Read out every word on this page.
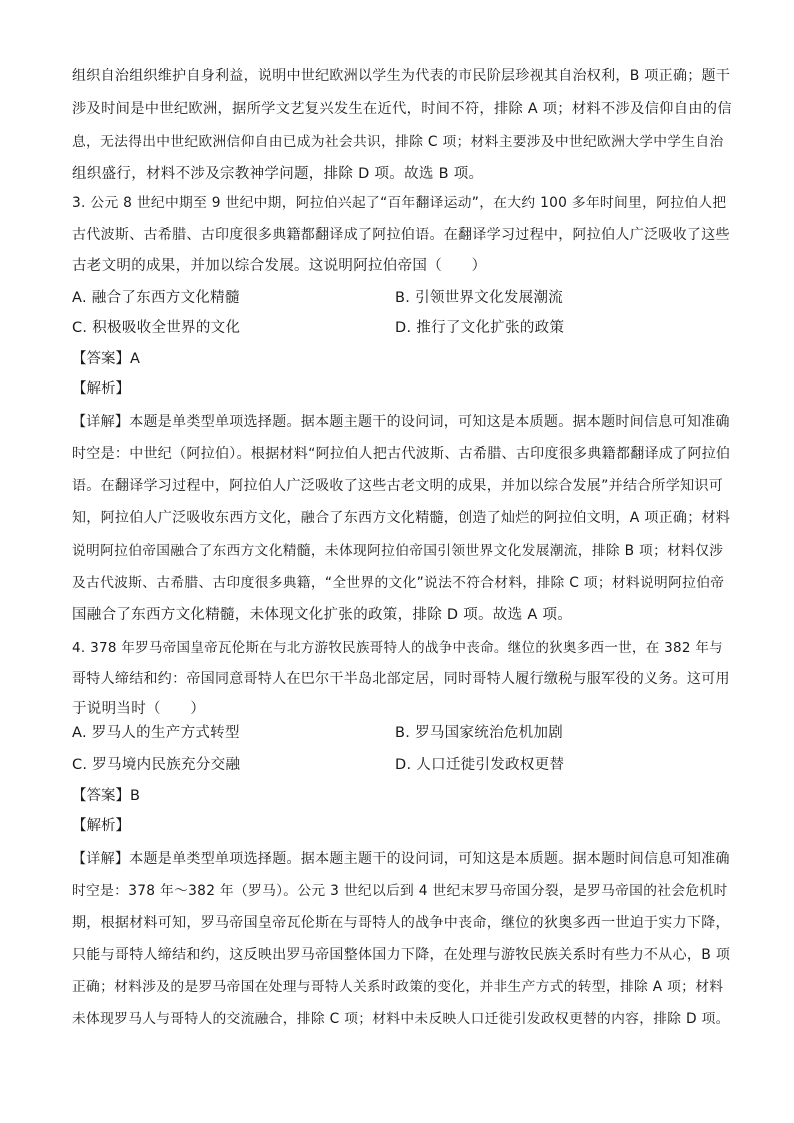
组织自治组织维护自身利益，说明中世纪欧洲以学生为代表的市民阶层珍视其自治权利，B 项正确；题干
涉及时间是中世纪欧洲，据所学文艺复兴发生在近代，时间不符，排除 A 项；材料不涉及信仰自由的信
息，无法得出中世纪欧洲信仰自由已成为社会共识，排除 C 项；材料主要涉及中世纪欧洲大学中学生自治
组织盛行，材料不涉及宗教神学问题，排除 D 项。故选 B 项。
3. 公元 8 世纪中期至 9 世纪中期，阿拉伯兴起了“百年翻译运动”，在大约 100 多年时间里，阿拉伯人把
古代波斯、古希腊、古印度很多典籍都翻译成了阿拉伯语。在翻译学习过程中，阿拉伯人广泛吸收了这些
古老文明的成果，并加以综合发展。这说明阿拉伯帝国（　　）
A. 融合了东西方文化精髓	B. 引领世界文化发展潮流
C. 积极吸收全世界的文化	D. 推行了文化扩张的政策
【答案】A
【解析】
【详解】本题是单类型单项选择题。据本题主题干的设问词，可知这是本质题。据本题时间信息可知准确
时空是：中世纪（阿拉伯）。根据材料“阿拉伯人把古代波斯、古希腊、古印度很多典籍都翻译成了阿拉伯
语。在翻译学习过程中，阿拉伯人广泛吸收了这些古老文明的成果，并加以综合发展”并结合所学知识可
知，阿拉伯人广泛吸收东西方文化，融合了东西方文化精髓，创造了灿烂的阿拉伯文明，A 项正确；材料
说明阿拉伯帝国融合了东西方文化精髓，未体现阿拉伯帝国引领世界文化发展潮流，排除 B 项；材料仅涉
及古代波斯、古希腊、古印度很多典籍，“全世界的文化”说法不符合材料，排除 C 项；材料说明阿拉伯帝
国融合了东西方文化精髓，未体现文化扩张的政策，排除 D 项。故选 A 项。
4. 378 年罗马帝国皇帝瓦伦斯在与北方游牧民族哥特人的战争中丧命。继位的狄奥多西一世，在 382 年与
哥特人缔结和约：帝国同意哥特人在巴尔干半岛北部定居，同时哥特人履行缴税与服军役的义务。这可用
于说明当时（　　）
A. 罗马人的生产方式转型	B. 罗马国家统治危机加剧
C. 罗马境内民族充分交融	D. 人口迁徙引发政权更替
【答案】B
【解析】
【详解】本题是单类型单项选择题。据本题主题干的设问词，可知这是本质题。据本题时间信息可知准确
时空是：378 年～382 年（罗马）。公元 3 世纪以后到 4 世纪末罗马帝国分裂，是罗马帝国的社会危机时
期，根据材料可知，罗马帝国皇帝瓦伦斯在与哥特人的战争中丧命，继位的狄奥多西一世迫于实力下降，
只能与哥特人缔结和约，这反映出罗马帝国整体国力下降，在处理与游牧民族关系时有些力不从心，B 项
正确；材料涉及的是罗马帝国在处理与哥特人关系时政策的变化，并非生产方式的转型，排除 A 项；材料
未体现罗马人与哥特人的交流融合，排除 C 项；材料中未反映人口迁徙引发政权更替的内容，排除 D 项。
